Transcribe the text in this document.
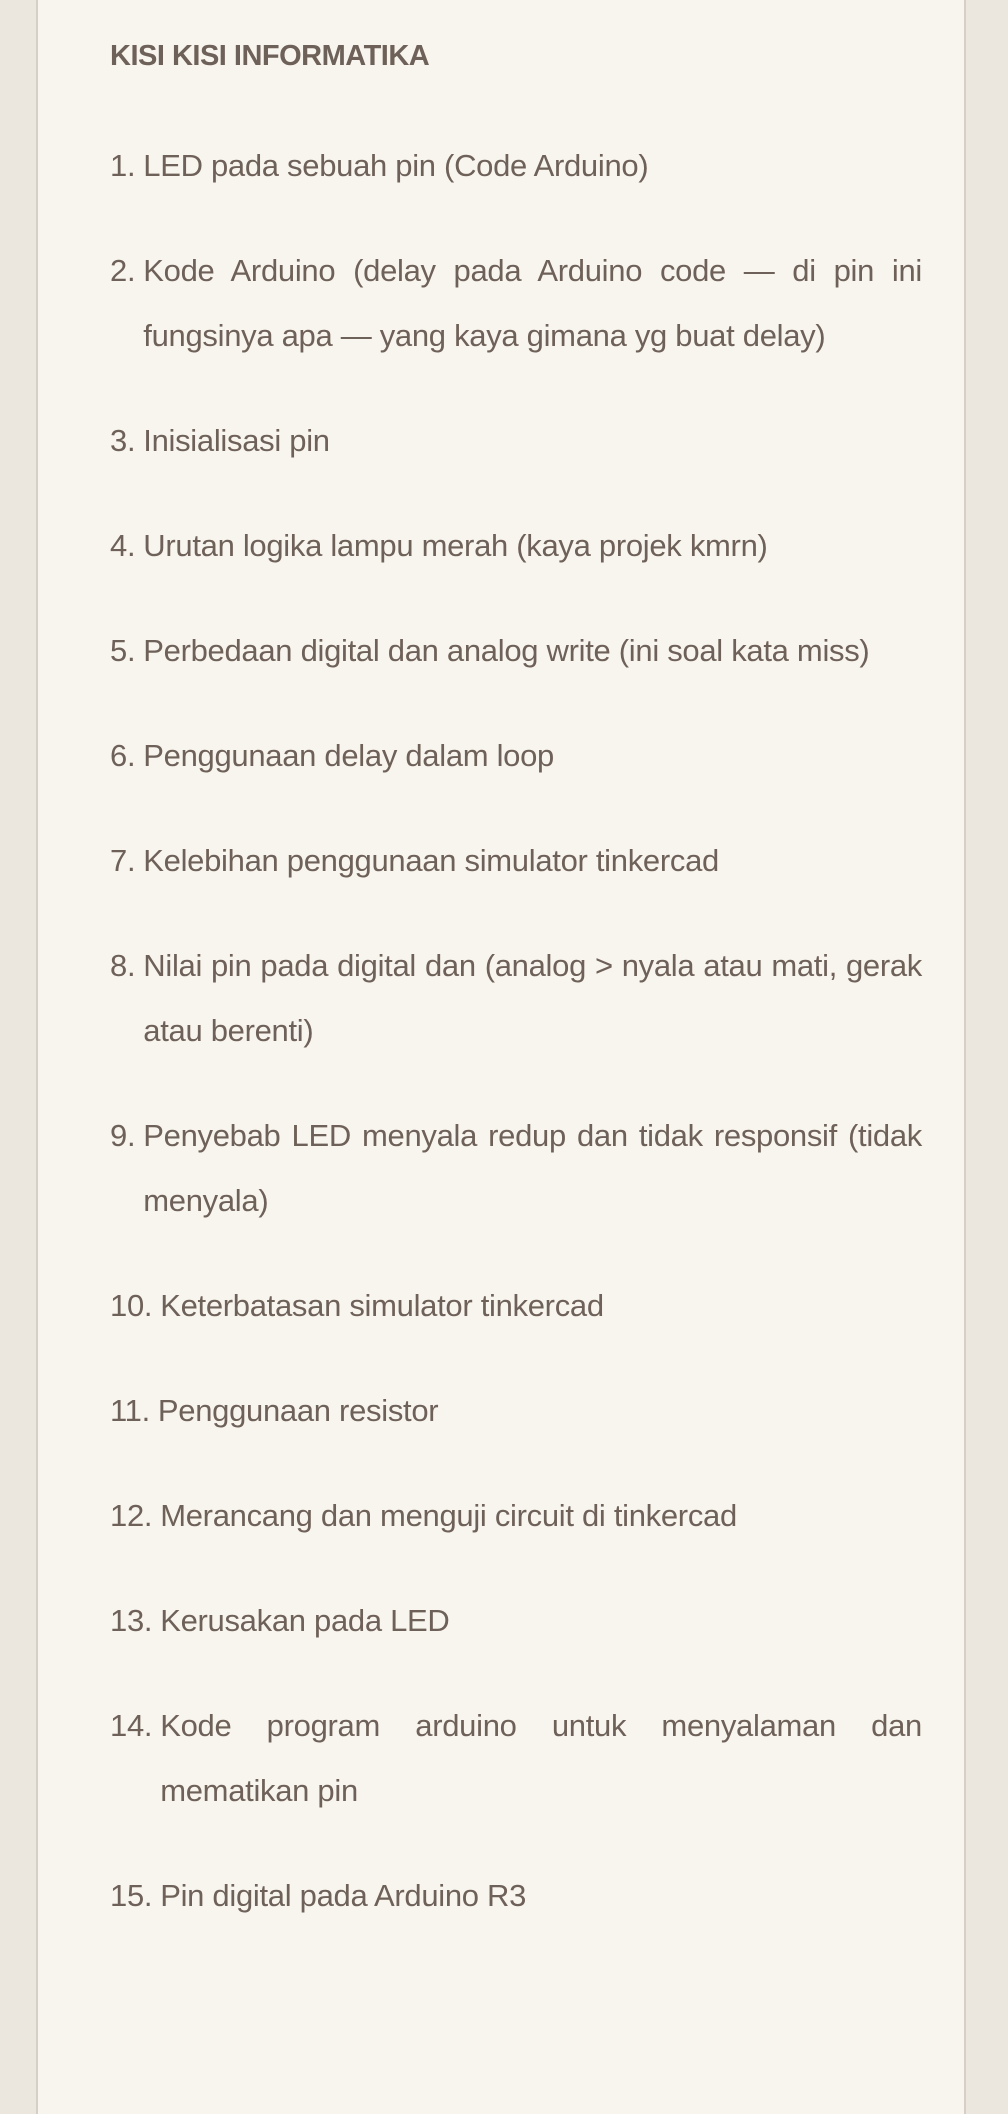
KISI KISI INFORMATIKA
1. LED pada sebuah pin (Code Arduino)
2. Kode Arduino (delay pada Arduino code — di pin ini fungsinya apa — yang kaya gimana yg buat delay)
3. Inisialisasi pin
4. Urutan logika lampu merah (kaya projek kmrn)
5. Perbedaan digital dan analog write (ini soal kata miss)
6. Penggunaan delay dalam loop
7. Kelebihan penggunaan simulator tinkercad
8. Nilai pin pada digital dan (analog > nyala atau mati, gerak atau berenti)
9. Penyebab LED menyala redup dan tidak responsif (tidak menyala)
10. Keterbatasan simulator tinkercad
11. Penggunaan resistor
12. Merancang dan menguji circuit di tinkercad
13. Kerusakan pada LED
14. Kode program arduino untuk menyalaman dan mematikan pin
15. Pin digital pada Arduino R3
